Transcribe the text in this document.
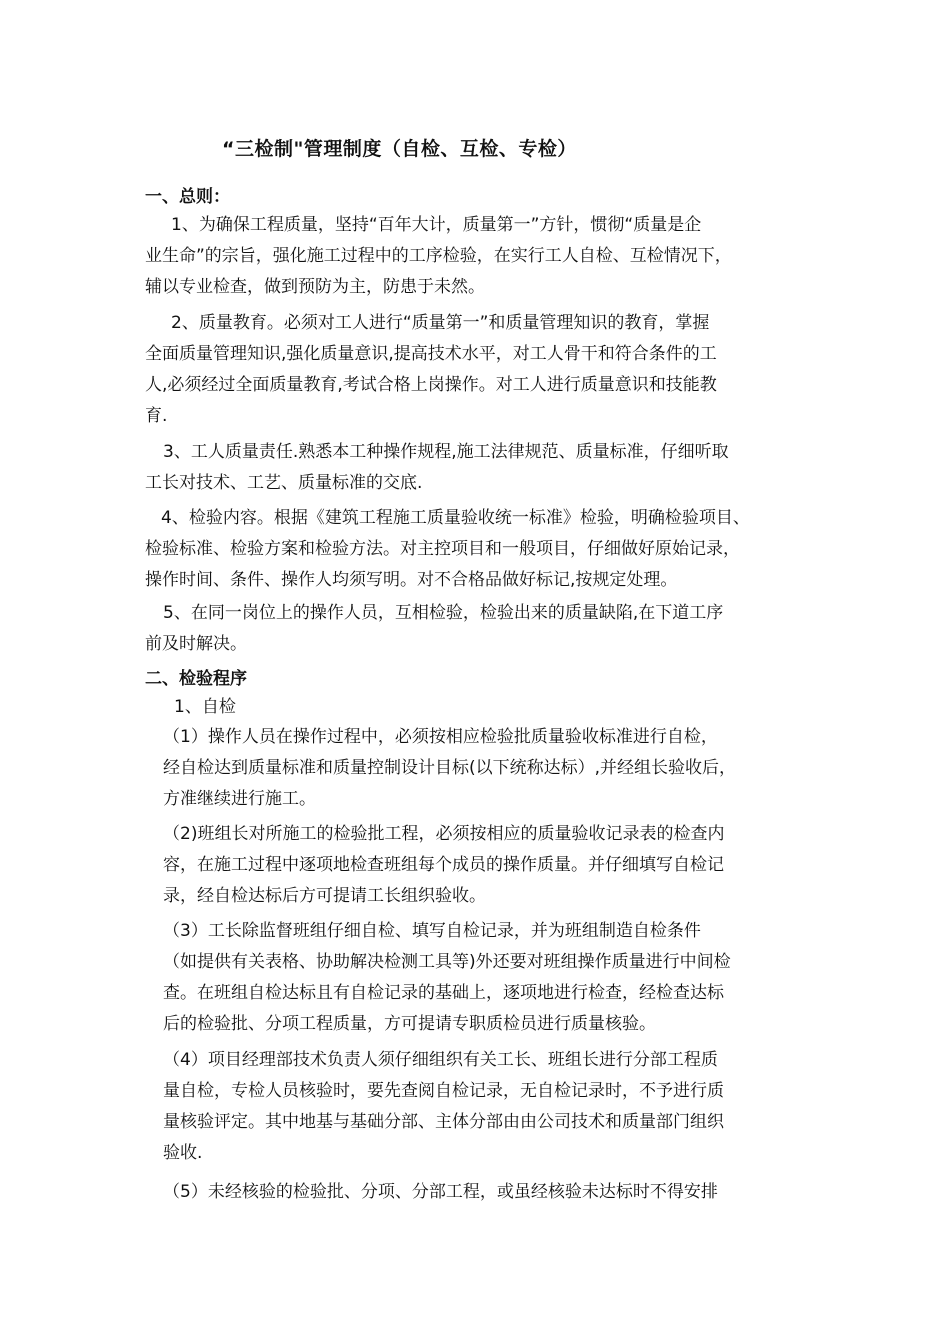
“三检制"管理制度（自检、互检、专检）
一、总则：
1、为确保工程质量，坚持“百年大计，质量第一”方针，惯彻“质量是企
业生命”的宗旨，强化施工过程中的工序检验，在实行工人自检、互检情况下，
辅以专业检查，做到预防为主，防患于未然。
2、质量教育。必须对工人进行“质量第一”和质量管理知识的教育，掌握
全面质量管理知识,强化质量意识,提高技术水平，对工人骨干和符合条件的工
人,必须经过全面质量教育,考试合格上岗操作。对工人进行质量意识和技能教
育.
3、工人质量责任.熟悉本工种操作规程,施工法律规范、质量标准，仔细听取
工长对技术、工艺、质量标准的交底.
4、检验内容。根据《建筑工程施工质量验收统一标准》检验，明确检验项目、
检验标准、检验方案和检验方法。对主控项目和一般项目，仔细做好原始记录，
操作时间、条件、操作人均须写明。对不合格品做好标记,按规定处理。
5、在同一岗位上的操作人员，互相检验，检验出来的质量缺陷,在下道工序
前及时解决。
二、检验程序
1、自检
（1）操作人员在操作过程中，必须按相应检验批质量验收标准进行自检，
经自检达到质量标准和质量控制设计目标(以下统称达标）,并经组长验收后，
方准继续进行施工。
（2)班组长对所施工的检验批工程，必须按相应的质量验收记录表的检查内
容，在施工过程中逐项地检查班组每个成员的操作质量。并仔细填写自检记
录，经自检达标后方可提请工长组织验收。
（3）工长除监督班组仔细自检、填写自检记录，并为班组制造自检条件
（如提供有关表格、协助解决检测工具等)外还要对班组操作质量进行中间检
查。在班组自检达标且有自检记录的基础上，逐项地进行检查，经检查达标
后的检验批、分项工程质量，方可提请专职质检员进行质量核验。
（4）项目经理部技术负责人须仔细组织有关工长、班组长进行分部工程质
量自检，专检人员核验时，要先查阅自检记录，无自检记录时，不予进行质
量核验评定。其中地基与基础分部、主体分部由由公司技术和质量部门组织
验收.
（5）未经核验的检验批、分项、分部工程，或虽经核验未达标时不得安排
